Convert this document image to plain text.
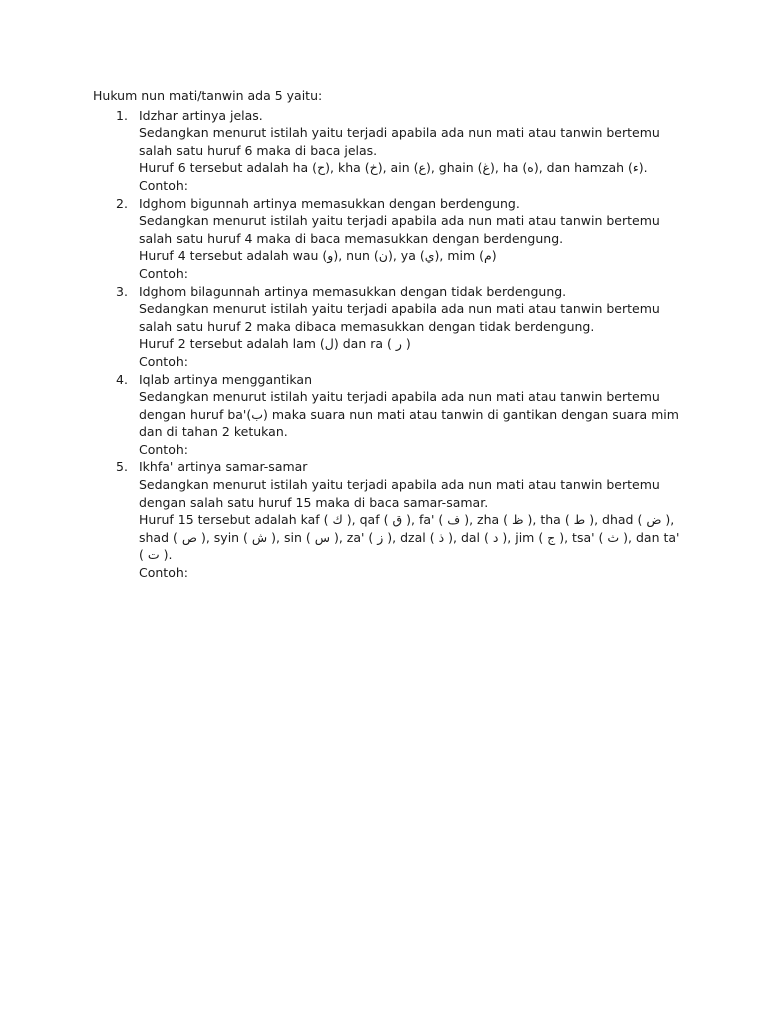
Hukum nun mati/tanwin ada 5 yaitu:

1. Idzhar artinya jelas.
Sedangkan menurut istilah yaitu terjadi apabila ada nun mati atau tanwin bertemu salah satu huruf 6 maka di baca jelas.
Huruf 6 tersebut adalah ha (ح), kha (خ), ain (ع), ghain (غ), ha (ه), dan hamzah (ء).
Contoh:
2. Idghom bigunnah artinya memasukkan dengan berdengung.
Sedangkan menurut istilah yaitu terjadi apabila ada nun mati atau tanwin bertemu salah satu huruf 4 maka di baca memasukkan dengan berdengung.
Huruf 4 tersebut adalah wau (و), nun (ن), ya (ي), mim (م)
Contoh:
3. Idghom bilagunnah artinya memasukkan dengan tidak berdengung.
Sedangkan menurut istilah yaitu terjadi apabila ada nun mati atau tanwin bertemu salah satu huruf 2 maka dibaca memasukkan dengan tidak berdengung.
Huruf 2 tersebut adalah lam (ل) dan ra ( ر )
Contoh:
4. Iqlab artinya menggantikan
Sedangkan menurut istilah yaitu terjadi apabila ada nun mati atau tanwin bertemu dengan huruf ba'(ب) maka suara nun mati atau tanwin di gantikan dengan suara mim dan di tahan 2 ketukan.
Contoh:
5. Ikhfa' artinya samar-samar
Sedangkan menurut istilah yaitu terjadi apabila ada nun mati atau tanwin bertemu dengan salah satu huruf 15 maka di baca samar-samar.
Huruf 15 tersebut adalah kaf ( ك ), qaf ( ق ), fa' ( ف ), zha ( ظ ), tha ( ط ), dhad ( ض ), shad ( ص ), syin ( ش ), sin ( س ), za' ( ز ), dzal ( ذ ), dal ( د ), jim ( ج ), tsa' ( ث ), dan ta' ( ت ).
Contoh:
